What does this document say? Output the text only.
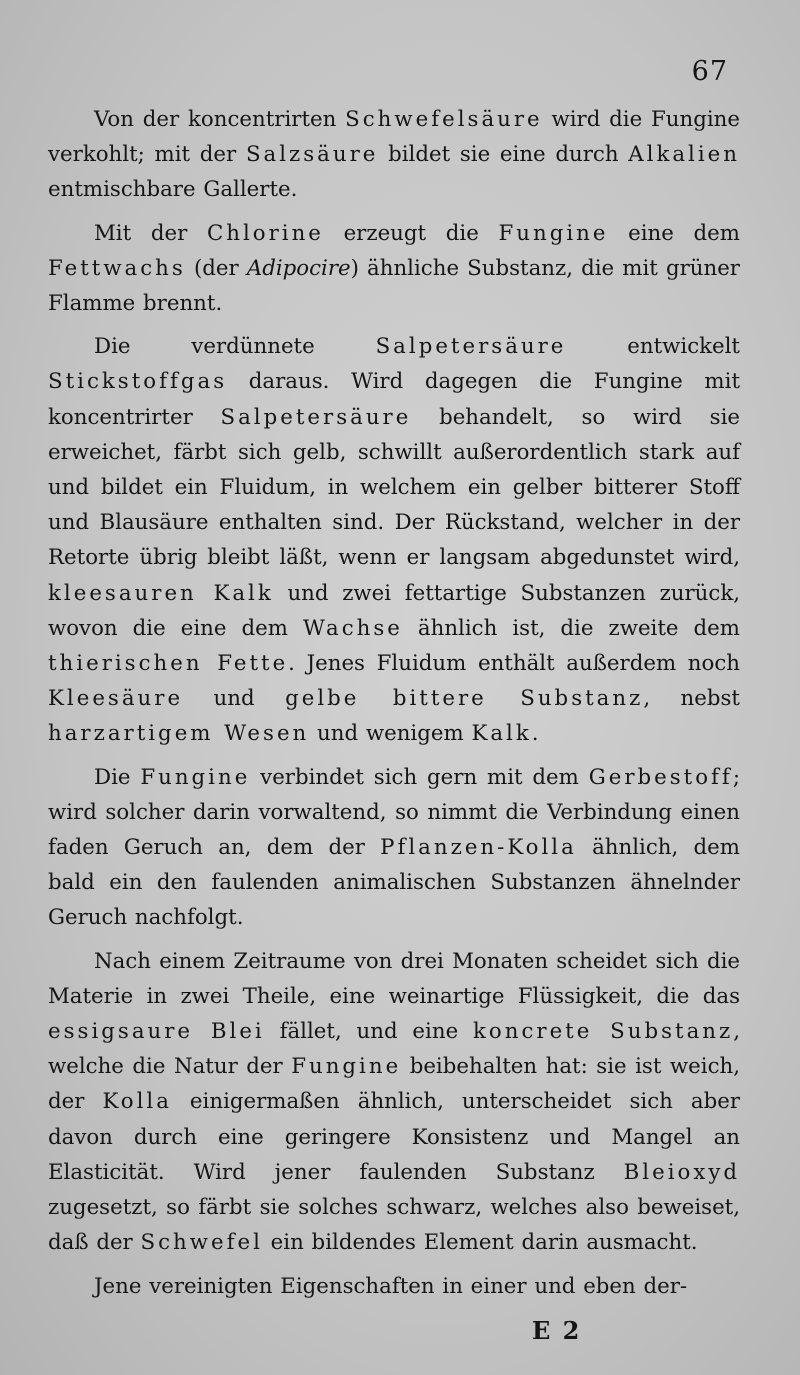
67

Von der koncentrirten Schwefelsäure wird die Fungine verkohlt; mit der Salzsäure bildet sie eine durch Alkalien entmischbare Gallerte.

Mit der Chlorine erzeugt die Fungine eine dem Fettwachs (der Adipocire) ähnliche Substanz, die mit grüner Flamme brennt.

Die verdünnete Salpetersäure entwickelt Stickstoffgas daraus. Wird dagegen die Fungine mit koncentrirter Salpetersäure behandelt, so wird sie erweichet, färbt sich gelb, schwillt außerordentlich stark auf und bildet ein Fluidum, in welchem ein gelber bitterer Stoff und Blausäure enthalten sind. Der Rückstand, welcher in der Retorte übrig bleibt läßt, wenn er langsam abgedunstet wird, kleesauren Kalk und zwei fettartige Substanzen zurück, wovon die eine dem Wachse ähnlich ist, die zweite dem thierischen Fette. Jenes Fluidum enthält außerdem noch Kleesäure und gelbe bittere Substanz, nebst harzartigem Wesen und wenigem Kalk.

Die Fungine verbindet sich gern mit dem Gerbestoff; wird solcher darin vorwaltend, so nimmt die Verbindung einen faden Geruch an, dem der Pflanzen-Kolla ähnlich, dem bald ein den faulenden animalischen Substanzen ähnelnder Geruch nachfolgt.

Nach einem Zeitraume von drei Monaten scheidet sich die Materie in zwei Theile, eine weinartige Flüssigkeit, die das essigsaure Blei fället, und eine koncrete Substanz, welche die Natur der Fungine beibehalten hat: sie ist weich, der Kolla einigermaßen ähnlich, unterscheidet sich aber davon durch eine geringere Konsistenz und Mangel an Elasticität. Wird jener faulenden Substanz Bleioxyd zugesetzt, so färbt sie solches schwarz, welches also beweiset, daß der Schwefel ein bildendes Element darin ausmacht.

Jene vereinigten Eigenschaften in einer und eben der-

E 2
